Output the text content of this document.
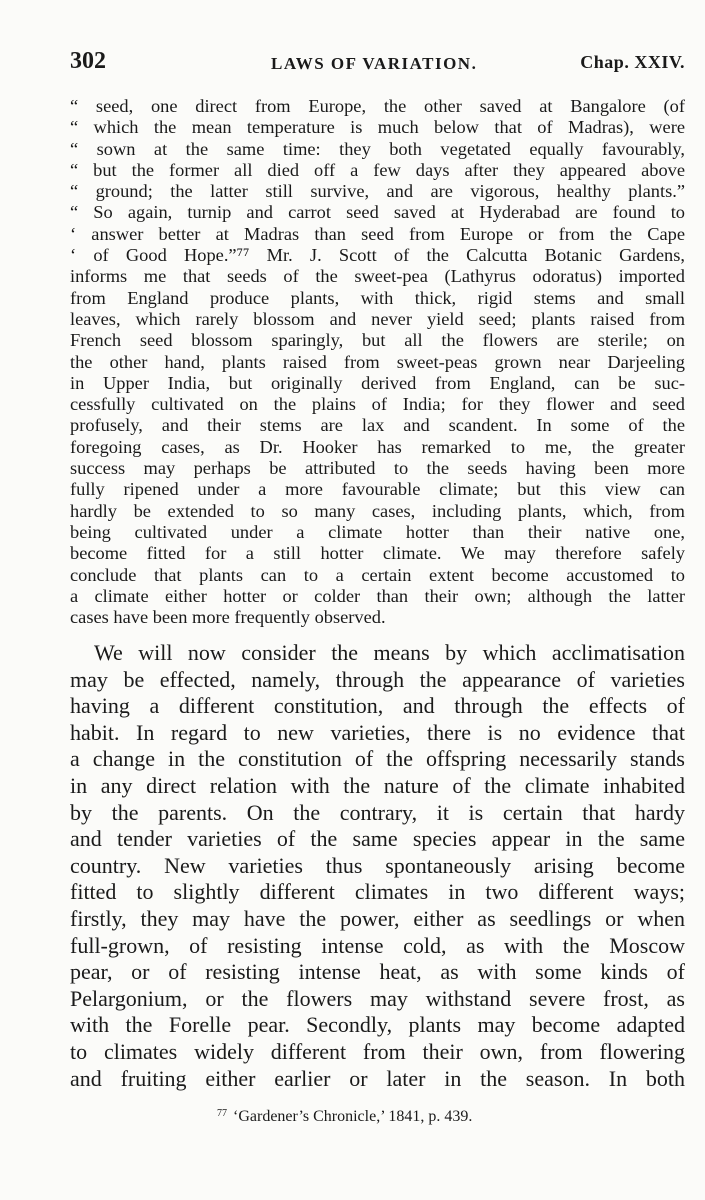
302	LAWS OF VARIATION.	Chap. XXIV.
“ seed, one direct from Europe, the other saved at Bangalore (of
“ which the mean temperature is much below that of Madras), were
“ sown at the same time: they both vegetated equally favourably,
“ but the former all died off a few days after they appeared above
“ ground; the latter still survive, and are vigorous, healthy plants.”
“ So again, turnip and carrot seed saved at Hyderabad are found to
‘ answer better at Madras than seed from Europe or from the Cape
‘ of Good Hope.”⁷⁷ Mr. J. Scott of the Calcutta Botanic Gardens,
informs me that seeds of the sweet-pea (Lathyrus odoratus) imported
from England produce plants, with thick, rigid stems and small
leaves, which rarely blossom and never yield seed; plants raised from
French seed blossom sparingly, but all the flowers are sterile; on
the other hand, plants raised from sweet-peas grown near Darjeeling
in Upper India, but originally derived from England, can be suc-
cessfully cultivated on the plains of India; for they flower and seed
profusely, and their stems are lax and scandent. In some of the
foregoing cases, as Dr. Hooker has remarked to me, the greater
success may perhaps be attributed to the seeds having been more
fully ripened under a more favourable climate; but this view can
hardly be extended to so many cases, including plants, which, from
being cultivated under a climate hotter than their native one,
become fitted for a still hotter climate. We may therefore safely
conclude that plants can to a certain extent become accustomed to
a climate either hotter or colder than their own; although the latter
cases have been more frequently observed.
We will now consider the means by which acclimatisation
may be effected, namely, through the appearance of varieties
having a different constitution, and through the effects of
habit. In regard to new varieties, there is no evidence that
a change in the constitution of the offspring necessarily stands
in any direct relation with the nature of the climate inhabited
by the parents. On the contrary, it is certain that hardy
and tender varieties of the same species appear in the same
country. New varieties thus spontaneously arising become
fitted to slightly different climates in two different ways;
firstly, they may have the power, either as seedlings or when
full-grown, of resisting intense cold, as with the Moscow
pear, or of resisting intense heat, as with some kinds of
Pelargonium, or the flowers may withstand severe frost, as
with the Forelle pear. Secondly, plants may become adapted
to climates widely different from their own, from flowering
and fruiting either earlier or later in the season. In both
$^{77}$ ‘Gardener’s Chronicle,’ 1841, p. 439.
